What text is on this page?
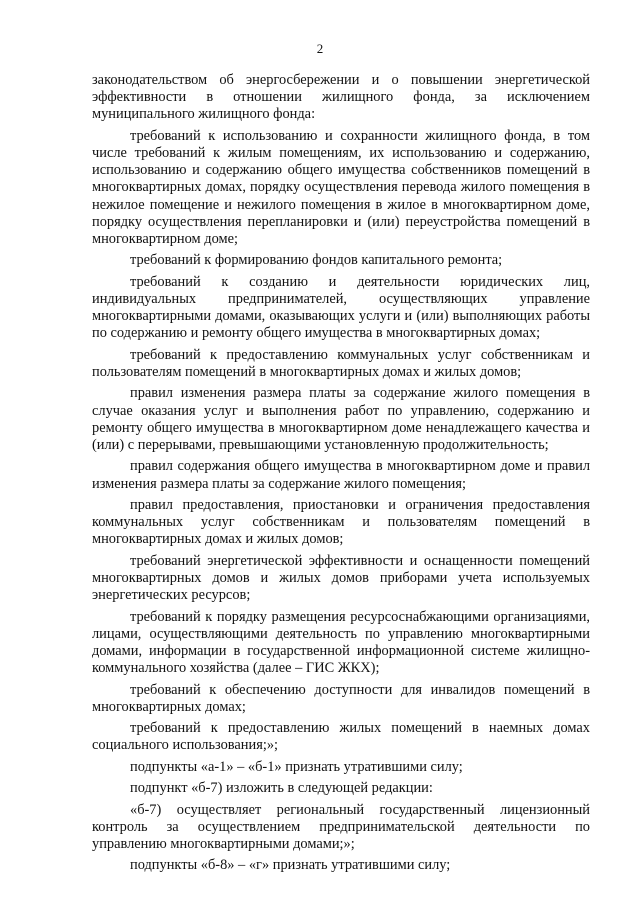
2

законодательством об энергосбережении и о повышении энергетической эффективности в отношении жилищного фонда, за исключением муниципального жилищного фонда:

требований к использованию и сохранности жилищного фонда, в том числе требований к жилым помещениям, их использованию и содержанию, использованию и содержанию общего имущества собственников помещений в многоквартирных домах, порядку осуществления перевода жилого помещения в нежилое помещение и нежилого помещения в жилое в многоквартирном доме, порядку осуществления перепланировки и (или) переустройства помещений в многоквартирном доме;

требований к формированию фондов капитального ремонта;

требований к созданию и деятельности юридических лиц, индивидуальных предпринимателей, осуществляющих управление многоквартирными домами, оказывающих услуги и (или) выполняющих работы по содержанию и ремонту общего имущества в многоквартирных домах;

требований к предоставлению коммунальных услуг собственникам и пользователям помещений в многоквартирных домах и жилых домов;

правил изменения размера платы за содержание жилого помещения в случае оказания услуг и выполнения работ по управлению, содержанию и ремонту общего имущества в многоквартирном доме ненадлежащего качества и (или) с перерывами, превышающими установленную продолжительность;

правил содержания общего имущества в многоквартирном доме и правил изменения размера платы за содержание жилого помещения;

правил предоставления, приостановки и ограничения предоставления коммунальных услуг собственникам и пользователям помещений в многоквартирных домах и жилых домов;

требований энергетической эффективности и оснащенности помещений многоквартирных домов и жилых домов приборами учета используемых энергетических ресурсов;

требований к порядку размещения ресурсоснабжающими организациями, лицами, осуществляющими деятельность по управлению многоквартирными домами, информации в государственной информационной системе жилищно-коммунального хозяйства (далее – ГИС ЖКХ);

требований к обеспечению доступности для инвалидов помещений в многоквартирных домах;

требований к предоставлению жилых помещений в наемных домах социального использования;»;

подпункты «а-1» – «б-1» признать утратившими силу;

подпункт «б-7) изложить в следующей редакции:

«б-7) осуществляет региональный государственный лицензионный контроль за осуществлением предпринимательской деятельности по управлению многоквартирными домами;»;

подпункты «б-8» – «г» признать утратившими силу;
